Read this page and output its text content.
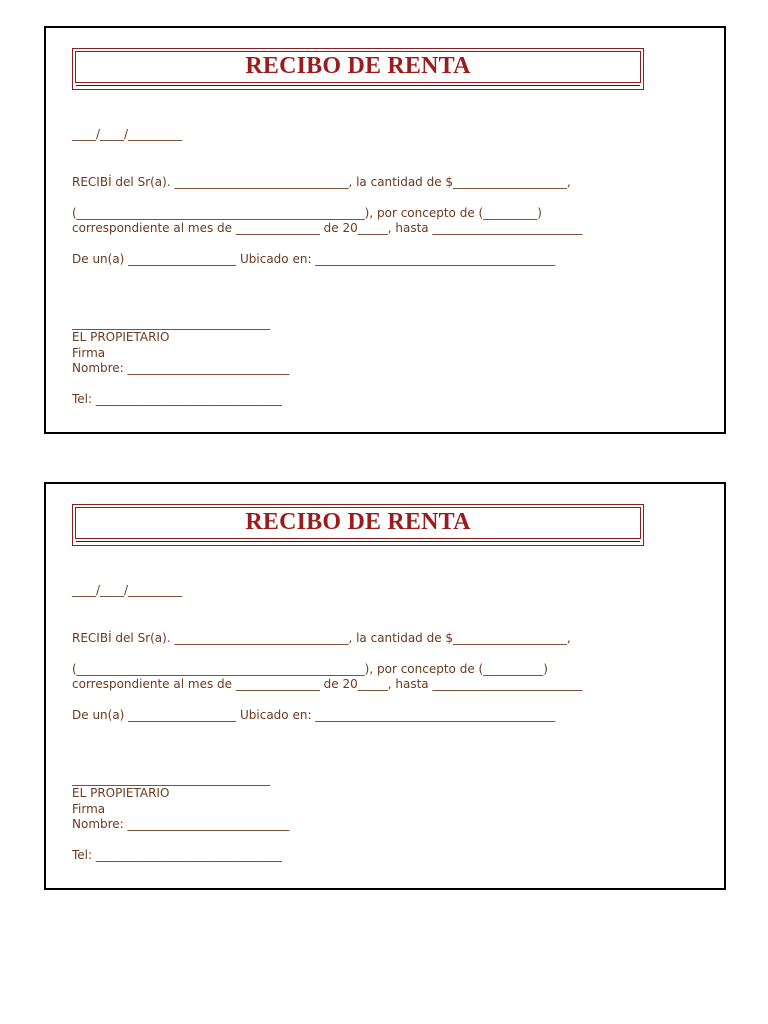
RECIBO DE RENTA
____/____/_________
RECIBÍ del Sr(a). _____________________________, la cantidad de $___________________,
(________________________________________________), por concepto de (_________)
correspondiente al mes de ______________ de 20_____, hasta _________________________
De un(a) __________________ Ubicado en: ________________________________________
_________________________________
EL PROPIETARIO
Firma
Nombre: ___________________________
Tel: _______________________________
RECIBO DE RENTA
____/____/_________
RECIBÍ del Sr(a). _____________________________, la cantidad de $___________________,
(________________________________________________), por concepto de (__________)
correspondiente al mes de ______________ de 20_____, hasta _________________________
De un(a) __________________ Ubicado en: ________________________________________
_________________________________
EL PROPIETARIO
Firma
Nombre: ___________________________
Tel: _______________________________
